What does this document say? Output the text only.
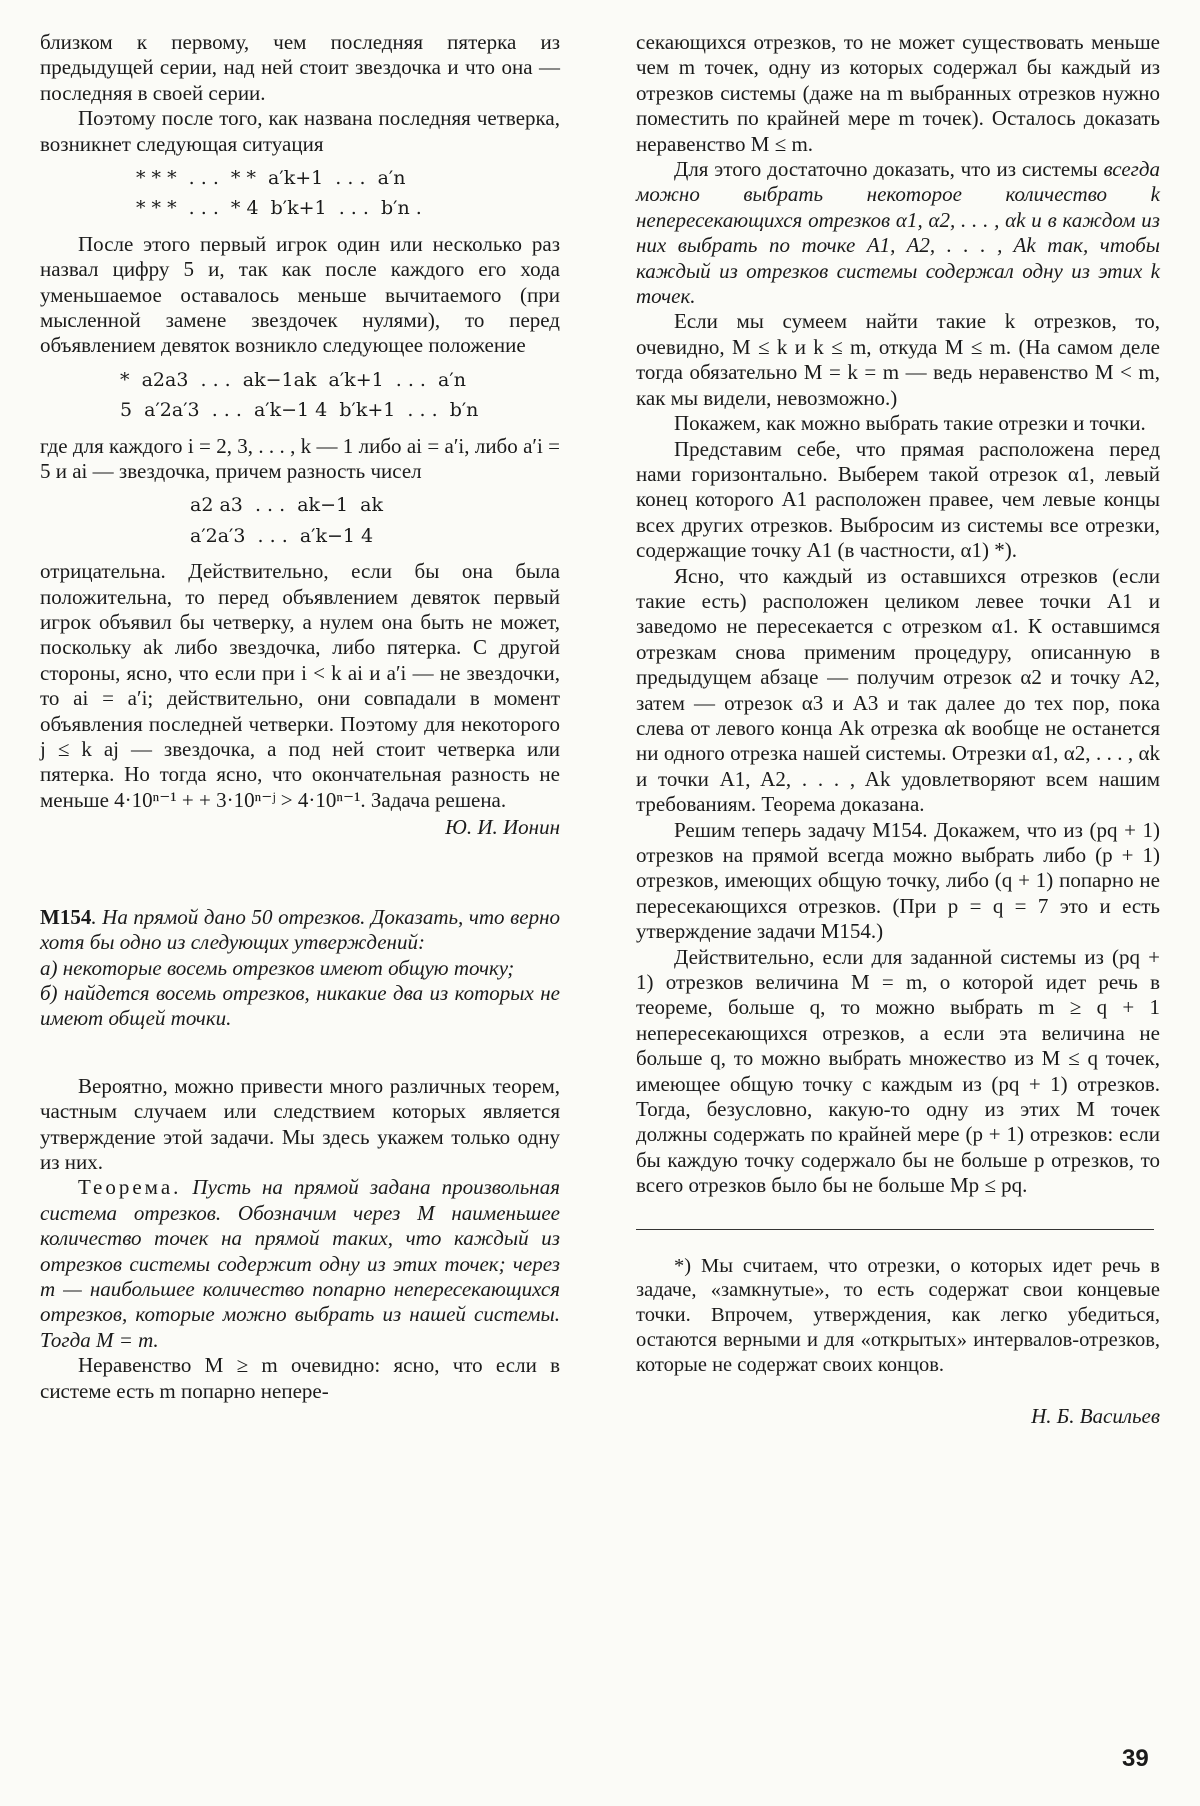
близком к первому, чем последняя пятерка из предыдущей серии, над ней стоит звездочка и что она — последняя в своей серии.

Поэтому после того, как названа последняя четверка, возникнет следующая ситуация

* * *  . . .  * *  a′k+1  . . .  a′n
* * *  . . .  * 4  b′k+1  . . .  b′n .

После этого первый игрок один или несколько раз назвал цифру 5 и, так как после каждого его хода уменьшаемое оставалось меньше вычитаемого (при мысленной замене звездочек нулями), то перед объявлением девяток возникло следующее положение

*  a2a3  . . .  ak−1ak  a′k+1  . . .  a′n
5  a′2a′3  . . .  a′k−1 4  b′k+1  . . .  b′n

где для каждого i = 2, 3, . . . , k — 1 либо ai = a′i, либо a′i = 5 и ai — звездочка, причем разность чисел

a2 a3  . . .  ak−1  ak
a′2a′3  . . .  a′k−1 4

отрицательна. Действительно, если бы она была положительна, то перед объявлением девяток первый игрок объявил бы четверку, а нулем она быть не может, поскольку ak либо звездочка, либо пятерка. С другой стороны, ясно, что если при i < k ai и a′i — не звездочки, то ai = a′i; действительно, они совпадали в момент объявления последней четверки. Поэтому для некоторого j ≤ k aj — звездочка, а под ней стоит четверка или пятерка. Но тогда ясно, что окончательная разность не меньше 4·10ⁿ⁻¹ + + 3·10ⁿ⁻ʲ > 4·10ⁿ⁻¹. Задача решена.

Ю. И. Ионин

М154. На прямой дано 50 отрезков. Доказать, что верно хотя бы одно из следующих утверждений:

а) некоторые восемь отрезков имеют общую точку;

б) найдется восемь отрезков, никакие два из которых не имеют общей точки.

Вероятно, можно привести много различных теорем, частным случаем или следствием которых является утверждение этой задачи. Мы здесь укажем только одну из них.

Теорема. Пусть на прямой задана произвольная система отрезков. Обозначим через M наименьшее количество точек на прямой таких, что каждый из отрезков системы содержит одну из этих точек; через m — наибольшее количество попарно непересекающихся отрезков, которые можно выбрать из нашей системы. Тогда M = m.

Неравенство M ≥ m очевидно: ясно, что если в системе есть m попарно непере-

секающихся отрезков, то не может существовать меньше чем m точек, одну из которых содержал бы каждый из отрезков системы (даже на m выбранных отрезков нужно поместить по крайней мере m точек). Осталось доказать неравенство M ≤ m.

Для этого достаточно доказать, что из системы всегда можно выбрать некоторое количество k непересекающихся отрезков α1, α2, . . . , αk и в каждом из них выбрать по точке A1, A2, . . . , Ak так, чтобы каждый из отрезков системы содержал одну из этих k точек.

Если мы сумеем найти такие k отрезков, то, очевидно, M ≤ k и k ≤ m, откуда M ≤ m. (На самом деле тогда обязательно M = k = m — ведь неравенство M < m, как мы видели, невозможно.)

Покажем, как можно выбрать такие отрезки и точки.

Представим себе, что прямая расположена перед нами горизонтально. Выберем такой отрезок α1, левый конец которого A1 расположен правее, чем левые концы всех других отрезков. Выбросим из системы все отрезки, содержащие точку A1 (в частности, α1) *).

Ясно, что каждый из оставшихся отрезков (если такие есть) расположен целиком левее точки A1 и заведомо не пересекается с отрезком α1. К оставшимся отрезкам снова применим процедуру, описанную в предыдущем абзаце — получим отрезок α2 и точку A2, затем — отрезок α3 и A3 и так далее до тех пор, пока слева от левого конца Ak отрезка αk вообще не останется ни одного отрезка нашей системы. Отрезки α1, α2, . . . , αk и точки A1, A2, . . . , Ak удовлетворяют всем нашим требованиям. Теорема доказана.

Решим теперь задачу М154. Докажем, что из (pq + 1) отрезков на прямой всегда можно выбрать либо (p + 1) отрезков, имеющих общую точку, либо (q + 1) попарно не пересекающихся отрезков. (При p = q = 7 это и есть утверждение задачи М154.)

Действительно, если для заданной системы из (pq + 1) отрезков величина M = m, о которой идет речь в теореме, больше q, то можно выбрать m ≥ q + 1 непересекающихся отрезков, а если эта величина не больше q, то можно выбрать множество из M ≤ q точек, имеющее общую точку с каждым из (pq + 1) отрезков. Тогда, безусловно, какую-то одну из этих M точек должны содержать по крайней мере (p + 1) отрезков: если бы каждую точку содержало бы не больше p отрезков, то всего отрезков было бы не больше Mp ≤ pq.

*) Мы считаем, что отрезки, о которых идет речь в задаче, «замкнутые», то есть содержат свои концевые точки. Впрочем, утверждения, как легко убедиться, остаются верными и для «открытых» интервалов-отрезков, которые не содержат своих концов.

Н. Б. Васильев

39
